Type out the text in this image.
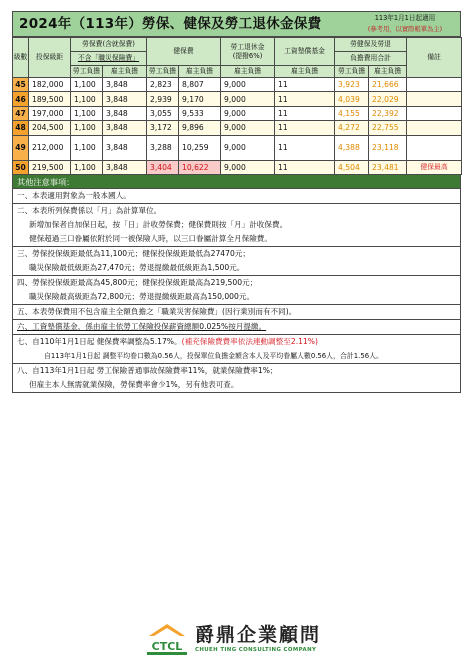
2024年（113年）勞保、健保及勞工退休金保費	113年1月1日起適用
(參考用，以實際帳單為主)
級數	投保級距	勞保費(含就保費)		健保費		勞工退休金
(提撥6%)	工資墊償基金	勞健保及勞退		備註
		不含「職災保險費」						負擔費用合計		
		勞工負擔	雇主負擔	勞工負擔	雇主負擔	雇主負擔	雇主負擔	勞工負擔	雇主負擔	
45	182,000	1,100	3,848	2,823	8,807	9,000	11	3,923	21,666	
46	189,500	1,100	3,848	2,939	9,170	9,000	11	4,039	22,029	
47	197,000	1,100	3,848	3,055	9,533	9,000	11	4,155	22,392	
48	204,500	1,100	3,848	3,172	9,896	9,000	11	4,272	22,755	
49	212,000	1,100	3,848	3,288	10,259	9,000	11	4,388	23,118	
50	219,500	1,100	3,848	3,404	10,622	9,000	11	4,504	23,481	健保最高
其他注意事項：
一、本表適用對象為一般本國人。
二、本表所列保費係以「月」為計算單位。
新增加保者自加保日起，按「日」計收勞保費；健保費則按「月」計收保費。
健保超過三口眷屬依附於同一被保險人時，以三口眷屬計算全月保險費。
三、勞保投保級距最低為11,100元；健保投保級距最低為27470元；
職災保險最低級距為27,470元；勞退提繳最低級距為1,500元。
四、勞保投保級距最高為45,800元；健保投保級距最高為219,500元；
職災保險最高級距為72,800元；勞退提繳級距最高為150,000元。
五、本表勞保費用不包含雇主全額負擔之「職業災害保險費」(因行業別而有不同)。
六、工資墊償基金，係由雇主依勞工保險投保薪資總額0.025%按月提繳。
七、自110年1月1日起 健保費率調整為5.17%。(補充保險費費率依法連動調整至2.11%)
自113年1月1日起 調整平均眷口數為0.56人，投保單位負擔金額含本人及平均眷屬人數0.56人，合計1.56人。
八、自113年1月1日起 勞工保險普通事故保險費率11%，就業保險費率1%；
但雇主本人無需就業保險，勞保費率會少1%，另有他表可查。
CTCL
爵鼎企業顧問
CHUEH TING CONSULTING COMPANY
